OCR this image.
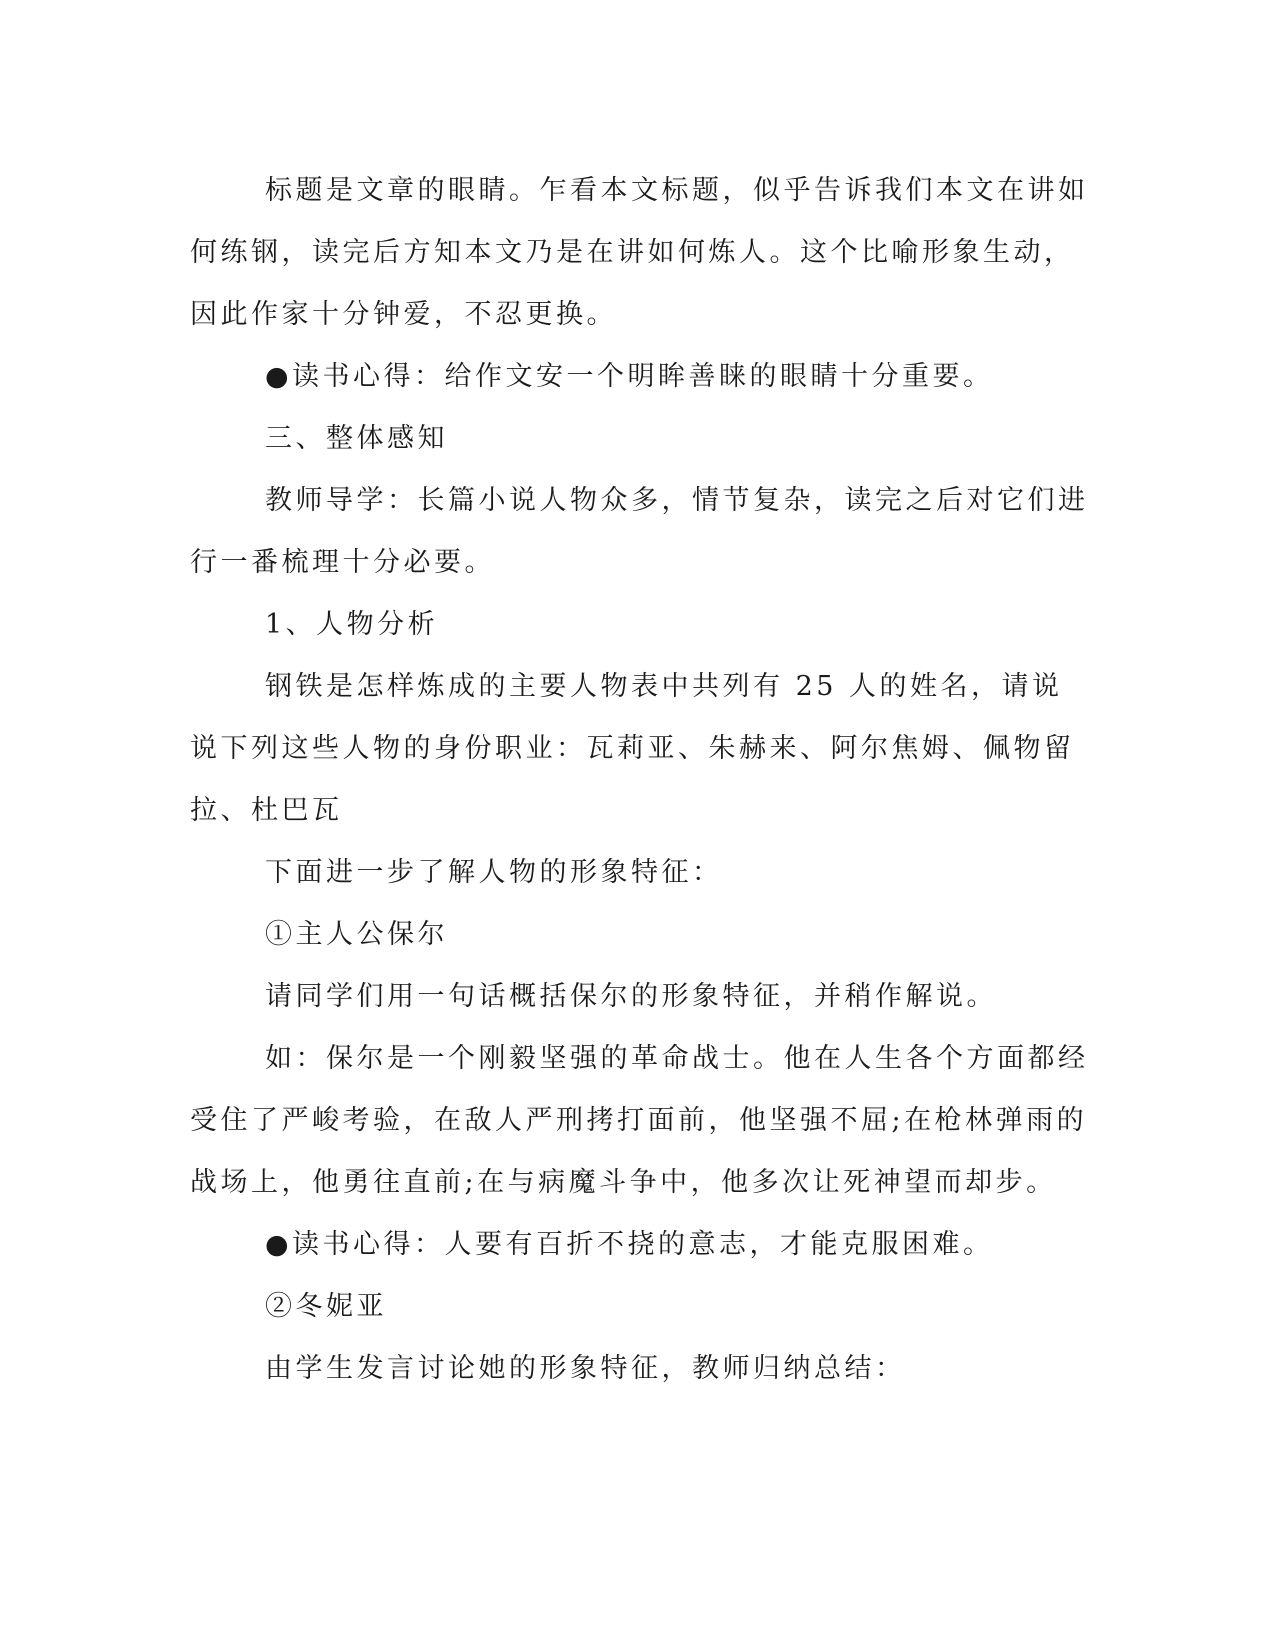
标题是文章的眼睛。乍看本文标题，似乎告诉我们本文在讲如何练钢，读完后方知本文乃是在讲如何炼人。这个比喻形象生动，因此作家十分钟爱，不忍更换。

●读书心得：给作文安一个明眸善睐的眼睛十分重要。

三、整体感知

教师导学：长篇小说人物众多，情节复杂，读完之后对它们进行一番梳理十分必要。

1、人物分析

钢铁是怎样炼成的主要人物表中共列有 25 人的姓名，请说说下列这些人物的身份职业：瓦莉亚、朱赫来、阿尔焦姆、佩物留拉、杜巴瓦

下面进一步了解人物的形象特征：

①主人公保尔

请同学们用一句话概括保尔的形象特征，并稍作解说。

如：保尔是一个刚毅坚强的革命战士。他在人生各个方面都经受住了严峻考验，在敌人严刑拷打面前，他坚强不屈;在枪林弹雨的战场上，他勇往直前;在与病魔斗争中，他多次让死神望而却步。

●读书心得：人要有百折不挠的意志，才能克服困难。

②冬妮亚

由学生发言讨论她的形象特征，教师归纳总结：
